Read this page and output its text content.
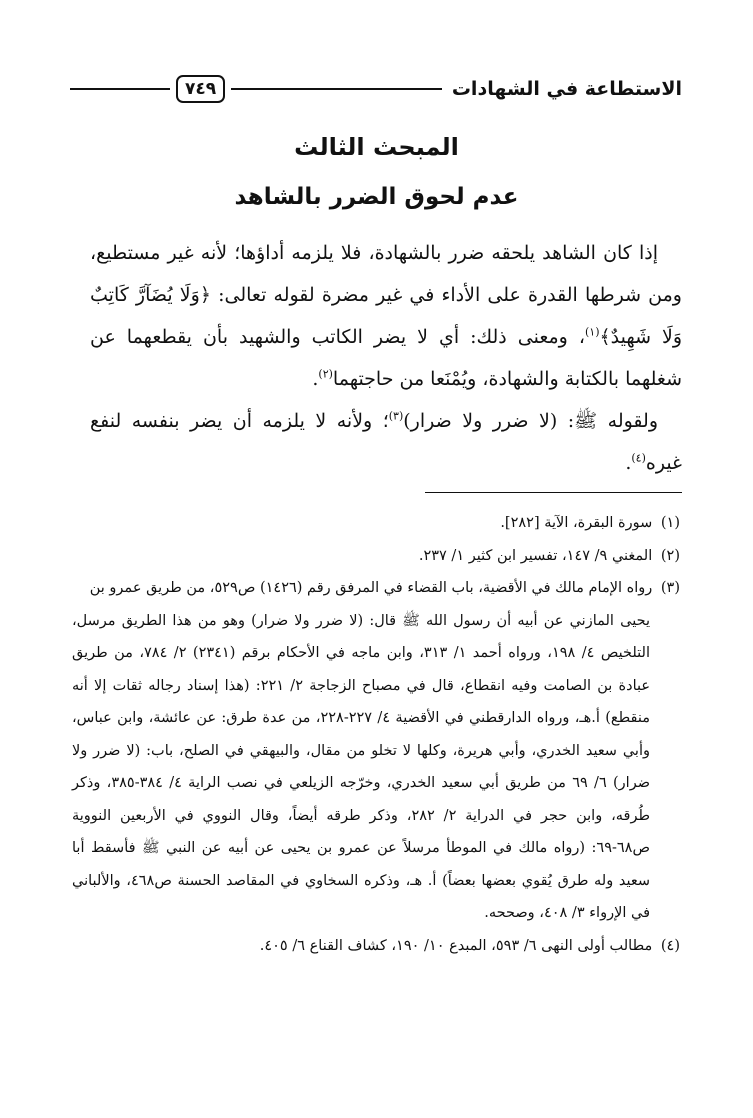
الاستطاعة في الشهادات
٧٤٩
المبحث الثالث
عدم لحوق الضرر بالشاهد

إذا كان الشاهد يلحقه ضرر بالشهادة، فلا يلزمه أداؤها؛ لأنه غير مستطيع، ومن شرطها القدرة على الأداء في غير مضرة لقوله تعالى: ﴿وَلَا يُضَآرَّ كَاتِبٌ وَلَا شَهِيدٌ﴾$^{(١)}$، ومعنى ذلك: أي لا يضر الكاتب والشهيد بأن يقطعهما عن شغلهما بالكتابة والشهادة، ويُمْنَعا من حاجتهما$^{(٢)}$.

ولقوله ﷺ: (لا ضرر ولا ضرار)$^{(٣)}$؛ ولأنه لا يلزمه أن يضر بنفسه لنفع غيره$^{(٤)}$.

(١) سورة البقرة، الآية [٢٨٢].

(٢) المغني ٩/ ١٤٧، تفسير ابن كثير ١/ ٢٣٧.

(٣) رواه الإمام مالك في الأقضية، باب القضاء في المرفق رقم (١٤٢٦) ص٥٢٩، من طريق عمرو بن
يحيى المازني عن أبيه أن رسول الله ﷺ قال: (لا ضرر ولا ضرار) وهو من هذا الطريق مرسل، التلخيص ٤/ ١٩٨، ورواه أحمد ١/ ٣١٣، وابن ماجه في الأحكام برقم (٢٣٤١) ٢/ ٧٨٤، من طريق عبادة بن الصامت وفيه انقطاع، قال في مصباح الزجاجة ٢/ ٢٢١: (هذا إسناد رجاله ثقات إلا أنه منقطع) أ.هـ، ورواه الدارقطني في الأقضية ٤/ ٢٢٧-٢٢٨، من عدة طرق: عن عائشة، وابن عباس، وأبي سعيد الخدري، وأبي هريرة، وكلها لا تخلو من مقال، والبيهقي في الصلح، باب: (لا ضرر ولا ضرار) ٦/ ٦٩ من طريق أبي سعيد الخدري، وخرّجه الزيلعي في نصب الراية ٤/ ٣٨٤-٣٨٥، وذكر طُرقه، وابن حجر في الدراية ٢/ ٢٨٢، وذكر طرقه أيضاً، وقال النووي في الأربعين النووية ص٦٨-٦٩: (رواه مالك في الموطأ مرسلاً عن عمرو بن يحيى عن أبيه عن النبي ﷺ فأسقط أبا سعيد وله طرق يُقوي بعضها بعضاً) أ. هـ، وذكره السخاوي في المقاصد الحسنة ص٤٦٨، والألباني في الإرواء ٣/ ٤٠٨، وصححه.

(٤) مطالب أولى النهى ٦/ ٥٩٣، المبدع ١٠/ ١٩٠، كشاف القناع ٦/ ٤٠٥.
